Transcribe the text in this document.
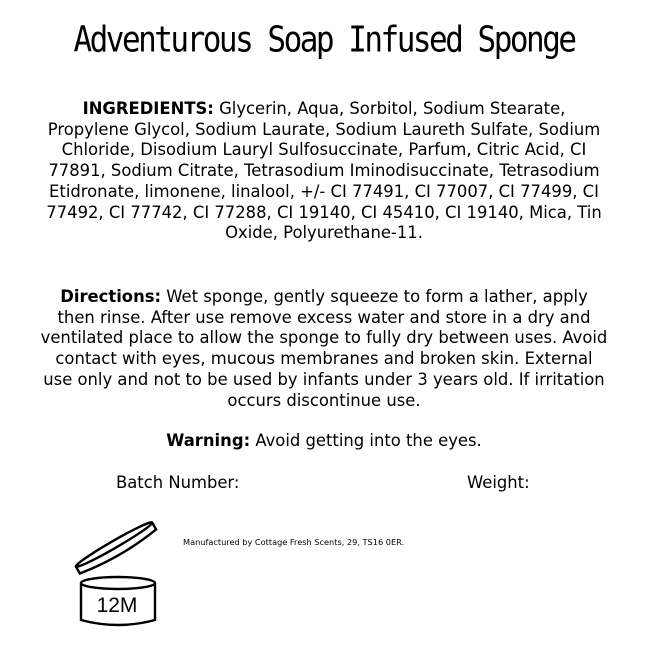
Adventurous Soap Infused Sponge

INGREDIENTS: Glycerin, Aqua, Sorbitol, Sodium Stearate, Propylene Glycol, Sodium Laurate, Sodium Laureth Sulfate, Sodium Chloride, Disodium Lauryl Sulfosuccinate, Parfum, Citric Acid, CI 77891, Sodium Citrate, Tetrasodium Iminodisuccinate, Tetrasodium Etidronate, limonene, linalool, +/- CI 77491, CI 77007, CI 77499, CI 77492, CI 77742, CI 77288, CI 19140, CI 45410, CI 19140, Mica, Tin Oxide, Polyurethane-11.

Directions: Wet sponge, gently squeeze to form a lather, apply then rinse. After use remove excess water and store in a dry and ventilated place to allow the sponge to fully dry between uses. Avoid contact with eyes, mucous membranes and broken skin. External use only and not to be used by infants under 3 years old. If irritation occurs discontinue use.

Warning: Avoid getting into the eyes.

Batch Number:	Weight:
12M
Manufactured by Cottage Fresh Scents, 29, TS16 0ER.
